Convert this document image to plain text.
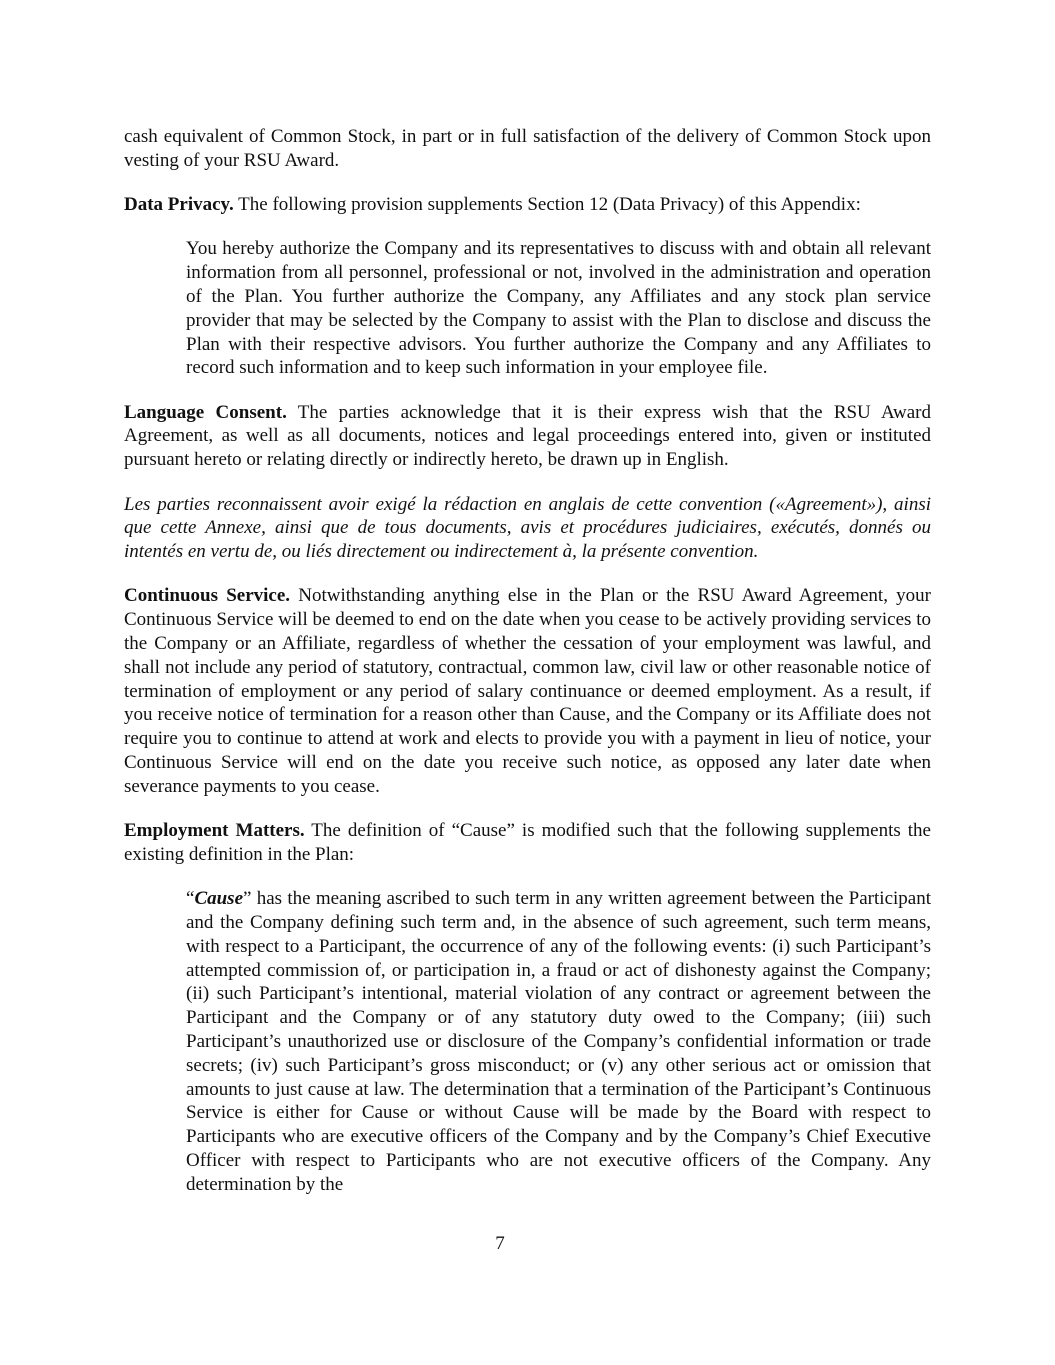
cash equivalent of Common Stock, in part or in full satisfaction of the delivery of Common Stock upon vesting of your RSU Award.

Data Privacy. The following provision supplements Section 12 (Data Privacy) of this Appendix:

You hereby authorize the Company and its representatives to discuss with and obtain all relevant information from all personnel, professional or not, involved in the administration and operation of the Plan. You further authorize the Company, any Affiliates and any stock plan service provider that may be selected by the Company to assist with the Plan to disclose and discuss the Plan with their respective advisors. You further authorize the Company and any Affiliates to record such information and to keep such information in your employee file.

Language Consent. The parties acknowledge that it is their express wish that the RSU Award Agreement, as well as all documents, notices and legal proceedings entered into, given or instituted pursuant hereto or relating directly or indirectly hereto, be drawn up in English.

Les parties reconnaissent avoir exigé la rédaction en anglais de cette convention («Agreement»), ainsi que cette Annexe, ainsi que de tous documents, avis et procédures judiciaires, exécutés, donnés ou intentés en vertu de, ou liés directement ou indirectement à, la présente convention.

Continuous Service. Notwithstanding anything else in the Plan or the RSU Award Agreement, your Continuous Service will be deemed to end on the date when you cease to be actively providing services to the Company or an Affiliate, regardless of whether the cessation of your employment was lawful, and shall not include any period of statutory, contractual, common law, civil law or other reasonable notice of termination of employment or any period of salary continuance or deemed employment. As a result, if you receive notice of termination for a reason other than Cause, and the Company or its Affiliate does not require you to continue to attend at work and elects to provide you with a payment in lieu of notice, your Continuous Service will end on the date you receive such notice, as opposed any later date when severance payments to you cease.

Employment Matters. The definition of “Cause” is modified such that the following supplements the existing definition in the Plan:

“Cause” has the meaning ascribed to such term in any written agreement between the Participant and the Company defining such term and, in the absence of such agreement, such term means, with respect to a Participant, the occurrence of any of the following events: (i) such Participant’s attempted commission of, or participation in, a fraud or act of dishonesty against the Company; (ii) such Participant’s intentional, material violation of any contract or agreement between the Participant and the Company or of any statutory duty owed to the Company; (iii) such Participant’s unauthorized use or disclosure of the Company’s confidential information or trade secrets; (iv) such Participant’s gross misconduct; or (v) any other serious act or omission that amounts to just cause at law. The determination that a termination of the Participant’s Continuous Service is either for Cause or without Cause will be made by the Board with respect to Participants who are executive officers of the Company and by the Company’s Chief Executive Officer with respect to Participants who are not executive officers of the Company. Any determination by the

7
